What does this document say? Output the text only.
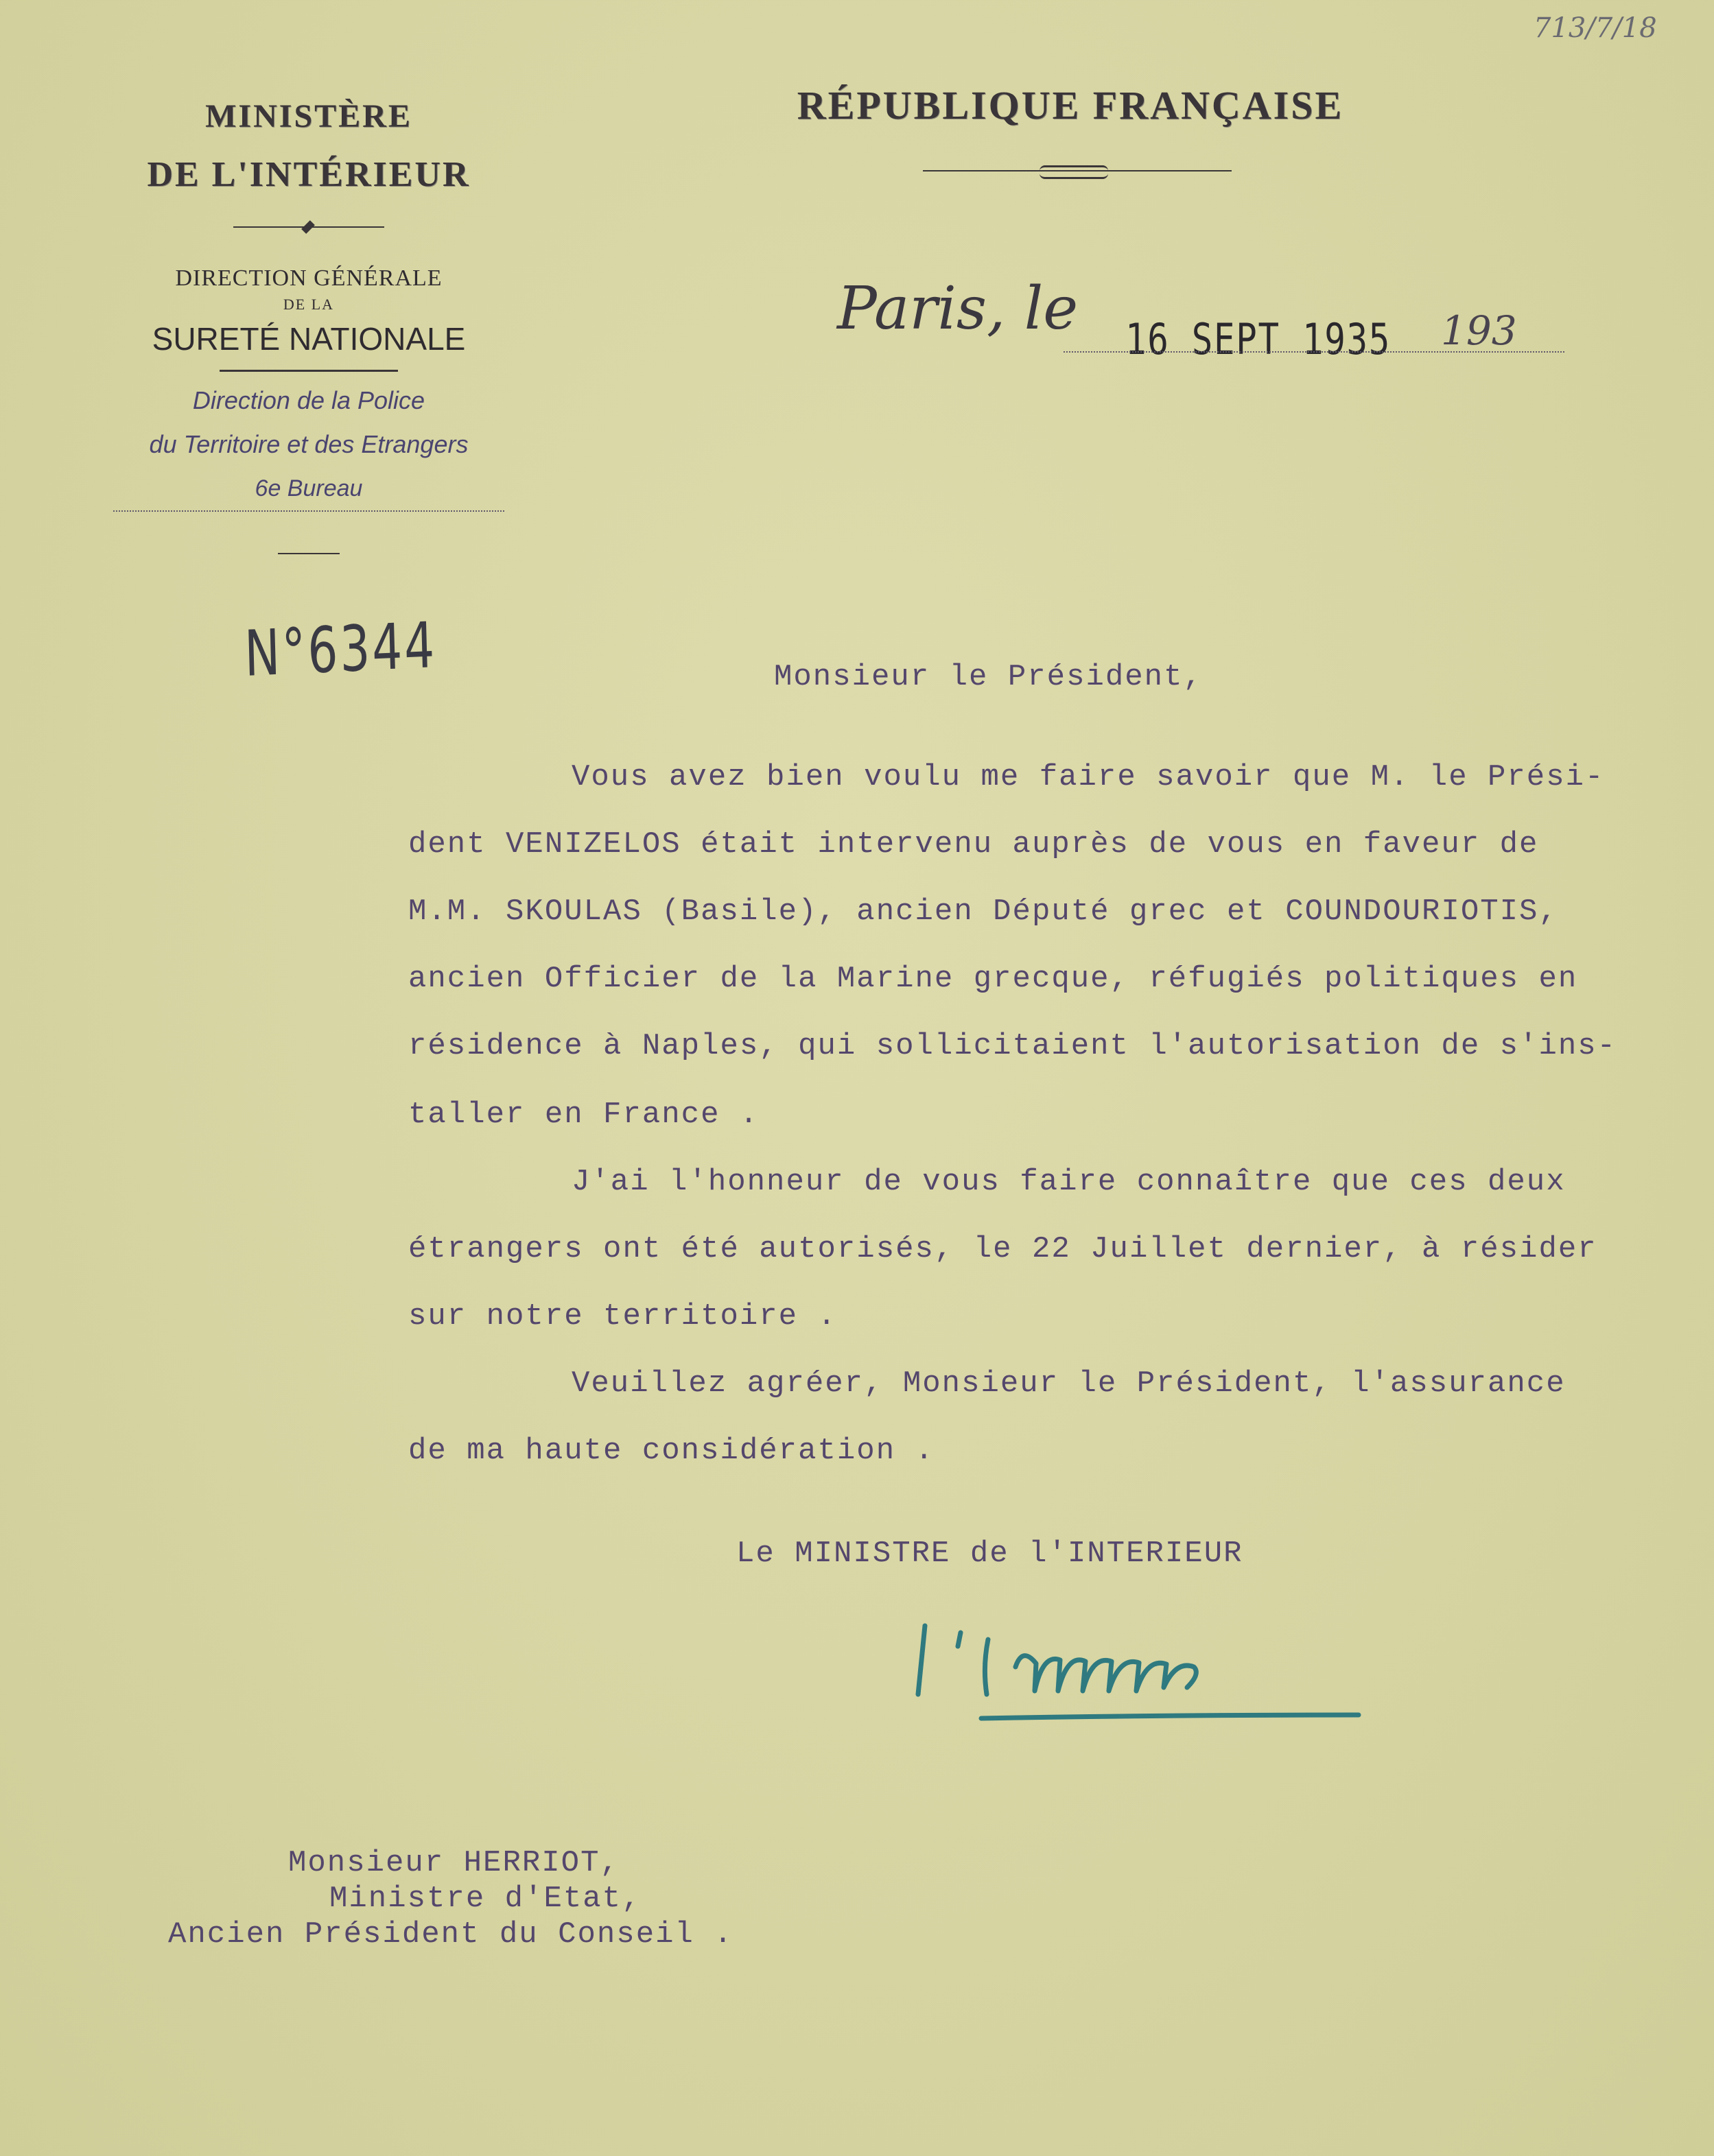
713/7/18
MINISTÈRE
DE L'INTÉRIEUR
DIRECTION GÉNÉRALE
DE LA
SURETÉ NATIONALE
Direction de la Police
du Territoire et des Etrangers
6e Bureau
N°6344
RÉPUBLIQUE FRANÇAISE
Paris, le 16 SEPT 1935 193
Monsieur le Président,
Vous avez bien voulu me faire savoir que M. le Prési-
dent VENIZELOS était intervenu auprès de vous en faveur de
M.M. SKOULAS (Basile), ancien Député grec et COUNDOURIOTIS,
ancien Officier de la Marine grecque, réfugiés politiques en
résidence à Naples, qui sollicitaient l'autorisation de s'ins-
taller en France .
J'ai l'honneur de vous faire connaître que ces deux
étrangers ont été autorisés, le 22 Juillet dernier, à résider
sur notre territoire .
Veuillez agréer, Monsieur le Président, l'assurance
de ma haute considération .
Le MINISTRE de l'INTERIEUR
Monsieur HERRIOT,
Ministre d'Etat,
Ancien Président du Conseil .
